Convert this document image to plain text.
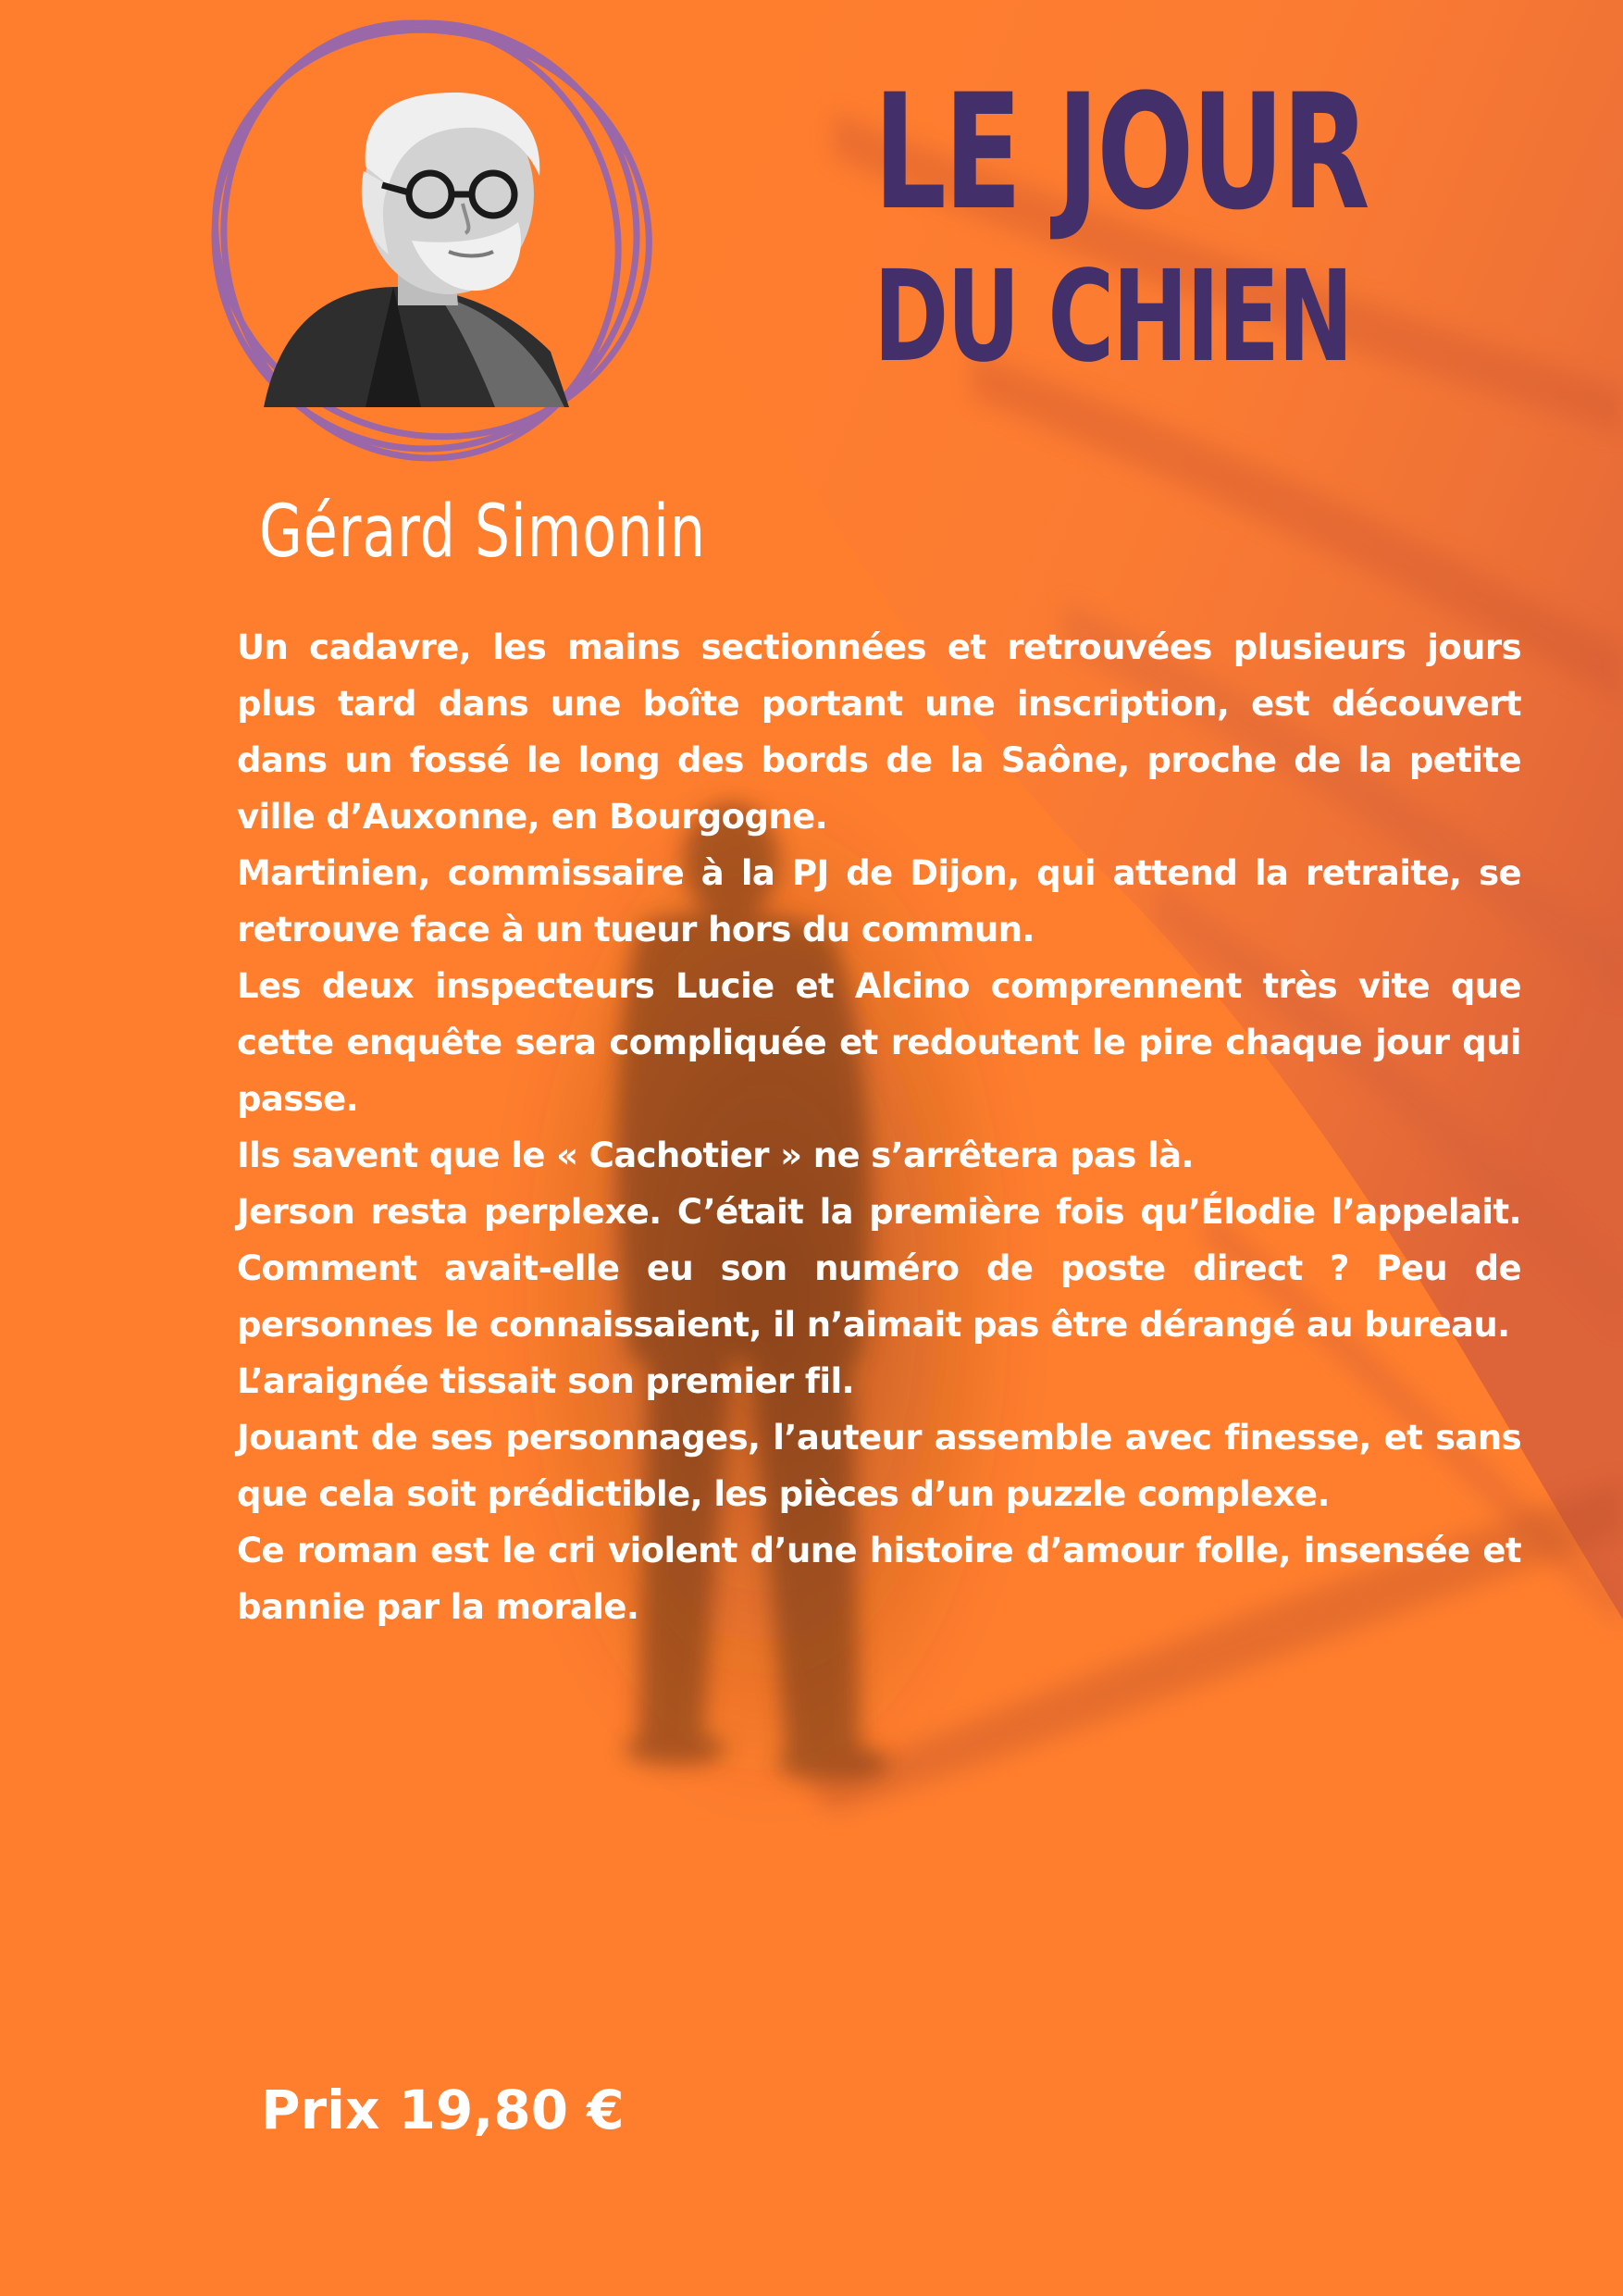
Gérard Simonin
LE JOUR
DU CHIEN

Un cadavre, les mains sectionnées et retrouvées plusieurs jours plus tard dans une boîte portant une inscription, est découvert dans un fossé le long des bords de la Saône, proche de la petite ville d’Auxonne, en Bourgogne.

Martinien, commissaire à la PJ de Dijon, qui attend la retraite, se retrouve face à un tueur hors du commun.

Les deux inspecteurs Lucie et Alcino comprennent très vite que cette enquête sera compliquée et redoutent le pire chaque jour qui passe.

Ils savent que le « Cachotier » ne s’arrêtera pas là.

Jerson resta perplexe. C’était la première fois qu’Élodie l’appelait. Comment avait-elle eu son numéro de poste direct ? Peu de personnes le connaissaient, il n’aimait pas être dérangé au bureau.

L’araignée tissait son premier fil.

Jouant de ses personnages, l’auteur assemble avec finesse, et sans que cela soit prédictible, les pièces d’un puzzle complexe.

Ce roman est le cri violent d’une histoire d’amour folle, insensée et bannie par la morale.

Prix 19,80 €
